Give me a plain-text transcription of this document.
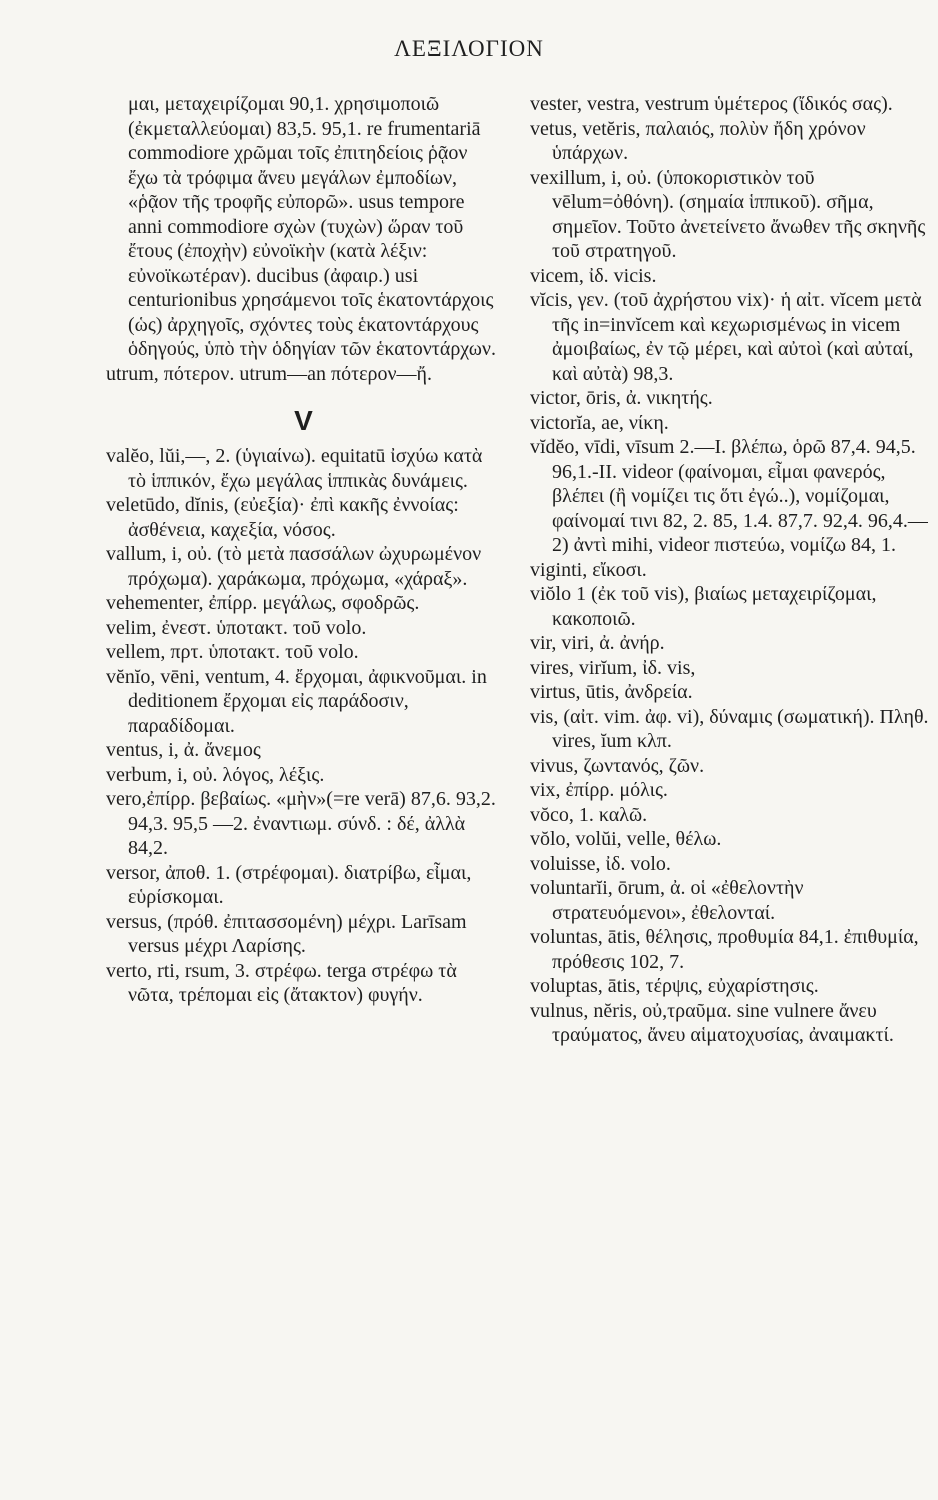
ΛΕΞΙΛΟΓΙΟΝ

μαι, μεταχειρίζομαι 90,1. χρησιμοποιῶ (ἐκμεταλλεύομαι) 83,5. 95,1. re frumentariā commodiore χρῶμαι τοῖς ἐπιτηδείοις ῥᾷον ἔχω τὰ τρόφιμα ἄνευ μεγάλων ἐμποδίων, «ῥᾷον τῆς τροφῆς εὐπορῶ». usus tempore anni commodiore σχὼν (τυχὼν) ὥραν τοῦ ἔτους (ἐποχὴν) εὐνοϊκὴν (κατὰ λέξιν: εὐνοϊκωτέραν). ducibus (ἀφαιρ.) usi centurionibus χρησάμενοι τοῖς ἑκατοντάρχοις (ὡς) ἀρχηγοῖς, σχόντες τοὺς ἑκατοντάρχους ὁδηγούς, ὑπὸ τὴν ὁδηγίαν τῶν ἑκατοντάρχων.

utrum, πότερον. utrum—an πότερον—ἤ.

V

valĕo, lŭi,—, 2. (ὑγιαίνω). equitatū ἰσχύω κατὰ τὸ ἱππικόν, ἔχω μεγάλας ἱππικὰς δυνάμεις.

veletūdo, dĭnis, (εὐεξία)· ἐπὶ κακῆς ἐννοίας: ἀσθένεια, καχεξία, νόσος.

vallum, i, οὐ. (τὸ μετὰ πασσάλων ὠχυρωμένον πρόχωμα). χαράκωμα, πρόχωμα, «χάραξ».

vehementer, ἐπίρρ. μεγάλως, σφοδρῶς.

velim, ἐνεστ. ὑποτακτ. τοῦ volo.

vellem, πρτ. ὑποτακτ. τοῦ volo.

vĕnĭo, vēni, ventum, 4. ἔρχομαι, ἀφικνοῦμαι. in deditionem ἔρχομαι εἰς παράδοσιν, παραδίδομαι.

ventus, i, ἀ. ἄνεμος

verbum, i, οὐ. λόγος, λέξις.

vero,ἐπίρρ. βεβαίως. «μὴν»(=re verā) 87,6. 93,2. 94,3. 95,5 —2. ἐναντιωμ. σύνδ. : δέ, ἀλλὰ 84,2.

versor, ἀποθ. 1. (στρέφομαι). διατρίβω, εἶμαι, εὑρίσκομαι.

versus, (πρόθ. ἐπιτασσομένη) μέχρι. Larīsam versus μέχρι Λαρίσης.

verto, rti, rsum, 3. στρέφω. terga στρέφω τὰ νῶτα, τρέπομαι εἰς (ἄτακτον) φυγήν.

vester, vestra, vestrum ὑμέτερος (ἴδικός σας).

vetus, vetĕris, παλαιός, πολὺν ἤδη χρόνον ὑπάρχων.

vexillum, i, οὐ. (ὑποκοριστικὸν τοῦ vēlum=ὀθόνη). (σημαία ἱππικοῦ). σῆμα, σημεῖον. Τοῦτο ἀνετείνετο ἄνωθεν τῆς σκηνῆς τοῦ στρατηγοῦ.

vicem, ἰδ. vicis.

vĭcis, γεν. (τοῦ ἀχρήστου vix)· ἡ αἰτ. vĭcem μετὰ τῆς in=invĭcem καὶ κεχωρισμένως in vicem ἀμοιβαίως, ἐν τῷ μέρει, καὶ αὐτοὶ (καὶ αὐταί, καὶ αὐτὰ) 98,3.

victor, ōris, ἀ. νικητής.

victorĭa, ae, νίκη.

vĭdĕo, vīdi, vīsum 2.—I. βλέπω, ὁρῶ 87,4. 94,5. 96,1.-II. videor (φαίνομαι, εἶμαι φανερός, βλέπει (ἢ νομίζει τις ὅτι ἐγώ..), νομίζομαι, φαίνομαί τινι 82, 2. 85, 1.4. 87,7. 92,4. 96,4.—2) ἀντὶ mihi, videor πιστεύω, νομίζω 84, 1.

viginti, εἴκοσι.

viŏlo 1 (ἐκ τοῦ vis), βιαίως μεταχειρίζομαι, κακοποιῶ.

vir, viri, ἀ. ἀνήρ.

vires, virĭum, ἰδ. vis,

virtus, ūtis, ἀνδρεία.

vis, (αἰτ. vim. ἀφ. vi), δύναμις (σωματική). Πληθ. vires, ĭum κλπ.

vivus, ζωντανός, ζῶν.

vix, ἐπίρρ. μόλις.

vŏco, 1. καλῶ.

vŏlo, volŭi, velle, θέλω.

voluisse, ἰδ. volo.

voluntarĭi, ōrum, ἀ. οἱ «ἐθελοντὴν στρατευόμενοι», ἐθελονταί.

voluntas, ātis, θέλησις, προθυμία 84,1. ἐπιθυμία, πρόθεσις 102, 7.

voluptas, ātis, τέρψις, εὐχαρίστησις.

vulnus, nĕris, οὐ,τραῦμα. sine vulnere ἄνευ τραύματος, ἄνευ αἱματοχυσίας, ἀναιμακτί.
